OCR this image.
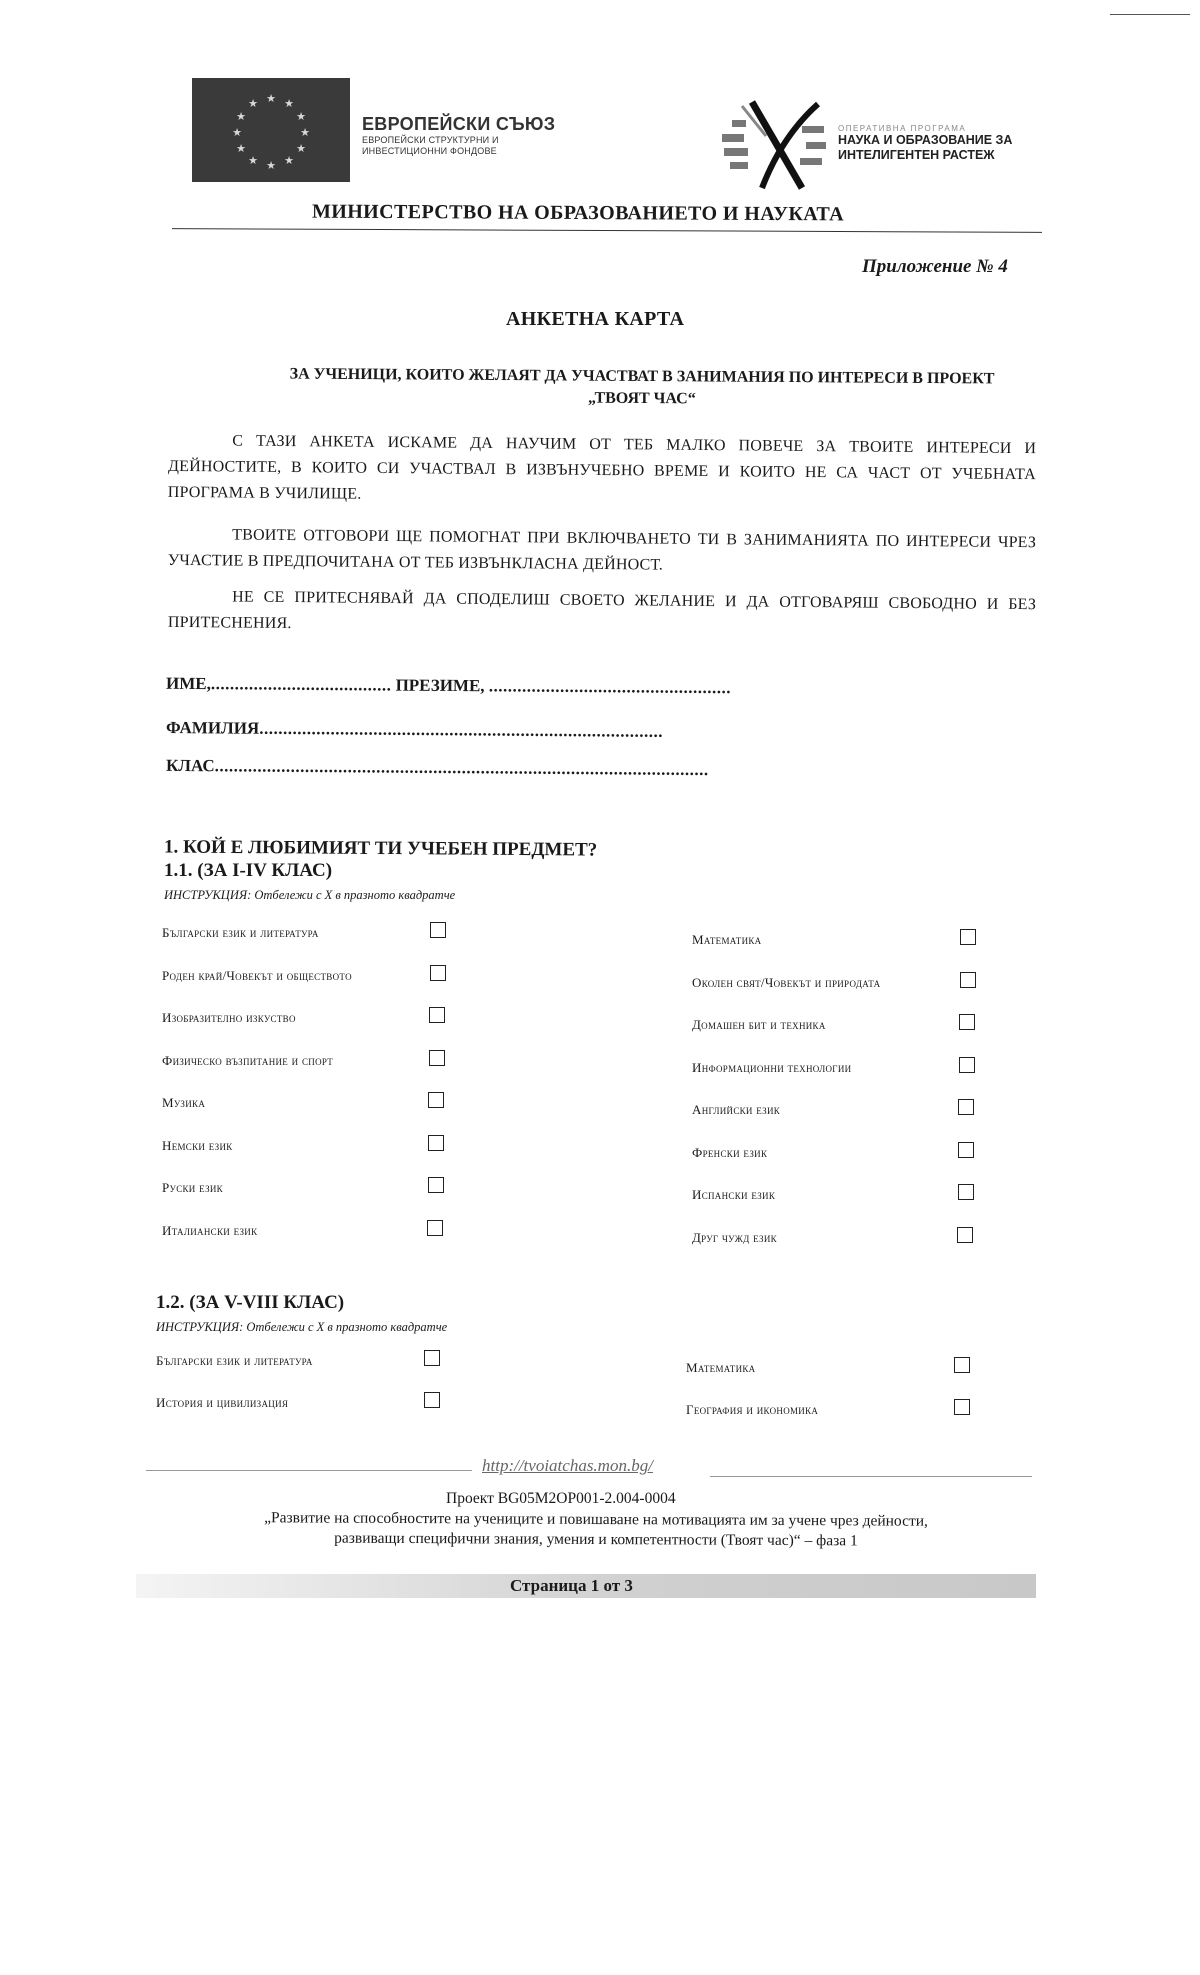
★ ★
★
★
★
★
★
★
★
★
★
★
ЕВРОПЕЙСКИ СЪЮЗ
ЕВРОПЕЙСКИ СТРУКТУРНИ И
ИНВЕСТИЦИОННИ ФОНДОВЕ
ОПЕРАТИВНА ПРОГРАМА
НАУКА И ОБРАЗОВАНИЕ ЗА
ИНТЕЛИГЕНТЕН РАСТЕЖ
МИНИСТЕРСТВО НА ОБРАЗОВАНИЕТО И НАУКАТА
Приложение № 4
АНКЕТНА КАРТА
ЗА УЧЕНИЦИ, КОИТО ЖЕЛАЯТ ДА УЧАСТВАТ В ЗАНИМАНИЯ ПО ИНТЕРЕСИ В ПРОЕКТ
„ТВОЯТ ЧАС“
С ТАЗИ АНКЕТА ИСКАМЕ ДА НАУЧИМ ОТ ТЕБ МАЛКО ПОВЕЧЕ ЗА ТВОИТЕ ИНТЕРЕСИ И ДЕЙНОСТИТЕ, В КОИТО СИ УЧАСТВАЛ В ИЗВЪНУЧЕБНО ВРЕМЕ И КОИТО НЕ СА ЧАСТ ОТ УЧЕБНАТА ПРОГРАМА В УЧИЛИЩЕ.
ТВОИТЕ ОТГОВОРИ ЩЕ ПОМОГНАТ ПРИ ВКЛЮЧВАНЕТО ТИ В ЗАНИМАНИЯТА ПО ИНТЕРЕСИ ЧРЕЗ УЧАСТИЕ В ПРЕДПОЧИТАНА ОТ ТЕБ ИЗВЪНКЛАСНА ДЕЙНОСТ.
НЕ СЕ ПРИТЕСНЯВАЙ ДА СПОДЕЛИШ СВОЕТО ЖЕЛАНИЕ И ДА ОТГОВАРЯШ СВОБОДНО И БЕЗ ПРИТЕСНЕНИЯ.
ИМЕ,...................................... ПРЕЗИМЕ, ...................................................
ФАМИЛИЯ.....................................................................................
КЛАС........................................................................................................
1. КОЙ Е ЛЮБИМИЯТ ТИ УЧЕБЕН ПРЕДМЕТ?
1.1. (ЗА I-IV КЛАС)
ИНСТРУКЦИЯ: Отбележи с Х в празното квадратче
Български език и литература
Роден край/Човекът и обществото
Изобразително изкуство
Физическо възпитание и спорт
Музика
Немски език
Руски език
Италиански език
Математика
Околен свят/Човекът и природата
Домашен бит и техника
Информационни технологии
Английски език
Френски език
Испански език
Друг чужд език
1.2. (ЗА V-VIII КЛАС)
ИНСТРУКЦИЯ: Отбележи с Х в празното квадратче
Български език и литература
История и цивилизация
Математика
География и икономика
http://tvoiatchas.mon.bg/
Проект BG05M2OP001-2.004-0004
„Развитие на способностите на учениците и повишаване на мотивацията им за учене чрез дейности,
развиващи специфични знания, умения и компетентности (Твоят час)“ – фаза 1
Страница 1 от 3
